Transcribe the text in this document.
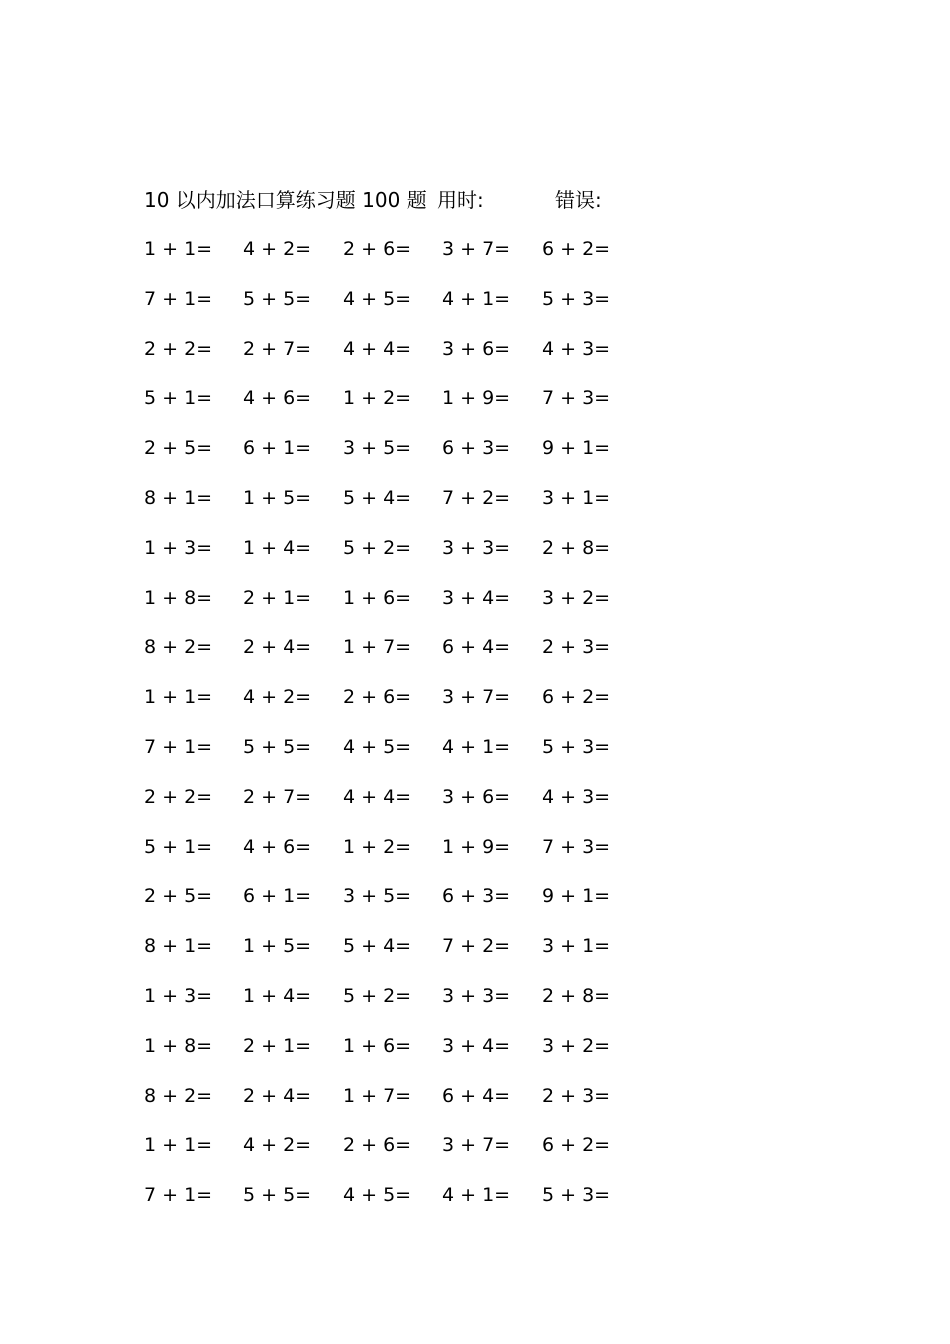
10 以内加法口算练习题 100 题 用时:	错误:
1 + 1= 4 + 2= 2 + 6= 3 + 7= 6 + 2=
7 + 1= 5 + 5= 4 + 5= 4 + 1= 5 + 3=
2 + 2= 2 + 7= 4 + 4= 3 + 6= 4 + 3=
5 + 1= 4 + 6= 1 + 2= 1 + 9= 7 + 3=
2 + 5= 6 + 1= 3 + 5= 6 + 3= 9 + 1=
8 + 1= 1 + 5= 5 + 4= 7 + 2= 3 + 1=
1 + 3= 1 + 4= 5 + 2= 3 + 3= 2 + 8=
1 + 8= 2 + 1= 1 + 6= 3 + 4= 3 + 2=
8 + 2= 2 + 4= 1 + 7= 6 + 4= 2 + 3=
1 + 1= 4 + 2= 2 + 6= 3 + 7= 6 + 2=
7 + 1= 5 + 5= 4 + 5= 4 + 1= 5 + 3=
2 + 2= 2 + 7= 4 + 4= 3 + 6= 4 + 3=
5 + 1= 4 + 6= 1 + 2= 1 + 9= 7 + 3=
2 + 5= 6 + 1= 3 + 5= 6 + 3= 9 + 1=
8 + 1= 1 + 5= 5 + 4= 7 + 2= 3 + 1=
1 + 3= 1 + 4= 5 + 2= 3 + 3= 2 + 8=
1 + 8= 2 + 1= 1 + 6= 3 + 4= 3 + 2=
8 + 2= 2 + 4= 1 + 7= 6 + 4= 2 + 3=
1 + 1= 4 + 2= 2 + 6= 3 + 7= 6 + 2=
7 + 1= 5 + 5= 4 + 5= 4 + 1= 5 + 3=
